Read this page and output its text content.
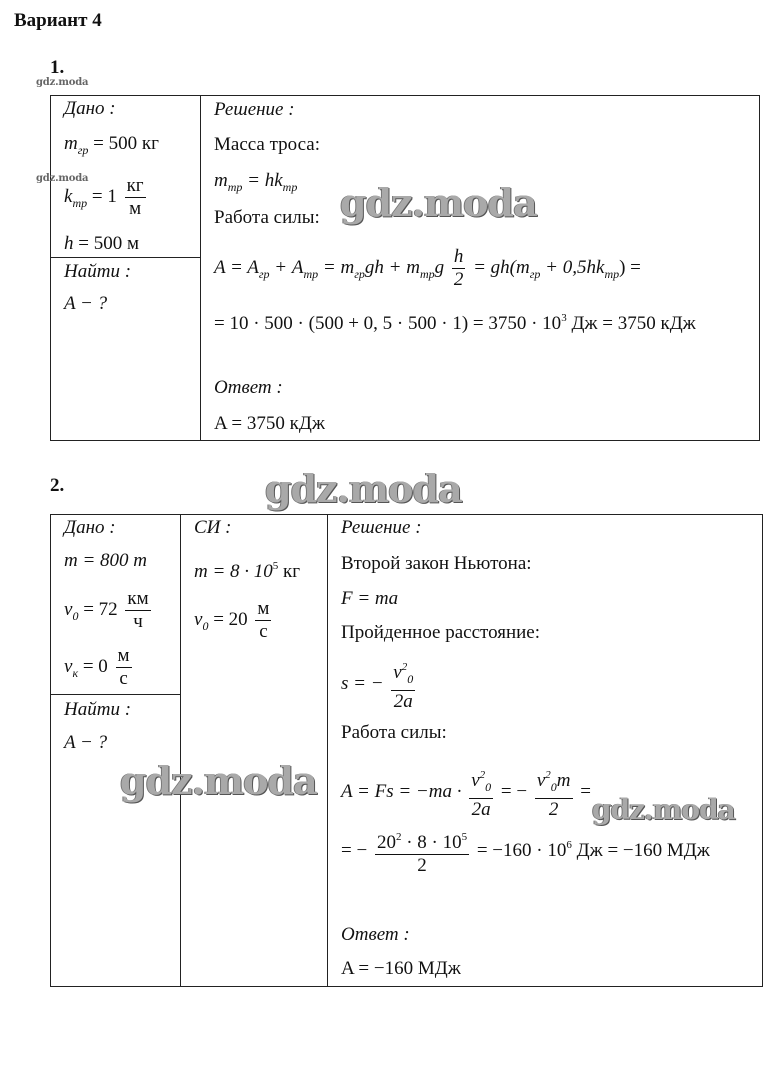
Вариант 4
1.
gdz.moda
Дано :
$m_{гр} = 500$ кг
gdz.moda
$k_{тр} = 1 \frac{кг}{м}$
h = 500 м
Найти :
A − ?
Решение :
Масса троса:
$m_{тр} = hk_{тр}$
Работа силы:
$A = A_{гр} + A_{тр} = m_{гр}gh + m_{тр}g \frac{h}{2} = gh(m_{гр} + 0,5hk_{тр})$ =
= 10 · 500 · (500 + 0, $5 \cdot 500 \cdot 1) = 3750 \cdot 10^3$ Дж = 3750 кДж
Ответ :
A = 3750 кДж
gdz.moda
2.	gdz.moda
Дано :
m = 800 т
$v_0 = 72 \frac{км}{ч}$
$v_к = 0 \frac{м}{с}$
Найти :
A − ?
СИ :
$m = 8 \cdot 10^5$ кг
$v_0 = 20 \frac{м}{с}$
Решение :
Второй закон Ньютона:
F = ma
Пройденное расстояние:
s = − $\frac{v^2_0}{2a}$
Работа силы:
$A = Fs = -ma \cdot \frac{v^2_0}{2a}$ = − $\frac{v^2_0m}{2}$ =
= − $\frac{20^2 \cdot 8 \cdot 10^5}{2} = -160 \cdot 10^6$ Дж = −160 МДж
Ответ :
A = −160 МДж
gdz.moda
gdz.moda
